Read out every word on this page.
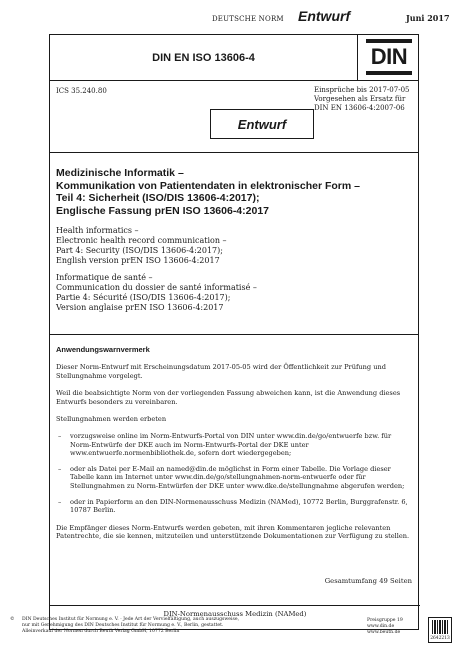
DEUTSCHE NORM Entwurf	Juni 2017
DIN EN ISO 13606-4	DIN
ICS 35.240.80	Einsprüche bis 2017-07-05
Vorgesehen als Ersatz für
DIN EN 13606-4:2007-06
Entwurf
Medizinische Informatik –
Kommunikation von Patientendaten in elektronischer Form –
Teil 4: Sicherheit (ISO/DIS 13606-4:2017);
Englische Fassung prEN ISO 13606-4:2017
Health informatics –
Electronic health record communication –
Part 4: Security (ISO/DIS 13606-4:2017);
English version prEN ISO 13606-4:2017
Informatique de santé –
Communication du dossier de santé informatisé –
Partie 4: Sécurité (ISO/DIS 13606-4:2017);
Version anglaise prEN ISO 13606-4:2017
Anwendungswarnvermerk
Dieser Norm-Entwurf mit Erscheinungsdatum 2017-05-05 wird der Öffentlichkeit zur Prüfung und Stellungnahme vorgelegt.
Weil die beabsichtigte Norm von der vorliegenden Fassung abweichen kann, ist die Anwendung dieses Entwurfs besonders zu vereinbaren.
Stellungnahmen werden erbeten
– vorzugsweise online im Norm-Entwurfs-Portal von DIN unter www.din.de/go/entwuerfe bzw. für Norm-Entwürfe der DKE auch im Norm-Entwurfs-Portal der DKE unter www.entwuerfe.normenbibliothek.de, sofern dort wiedergegeben;
– oder als Datei per E-Mail an named@din.de möglichst in Form einer Tabelle. Die Vorlage dieser Tabelle kann im Internet unter www.din.de/go/stellungnahmen-norm-entwuerfe oder für Stellungnahmen zu Norm-Entwürfen der DKE unter www.dke.de/stellungnahme abgerufen werden;
– oder in Papierform an den DIN-Normenausschuss Medizin (NAMed), 10772 Berlin, Burggrafenstr. 6, 10787 Berlin.
Die Empfänger dieses Norm-Entwurfs werden gebeten, mit ihren Kommentaren jegliche relevanten Patentrechte, die sie kennen, mitzuteilen und unterstützende Dokumentationen zur Verfügung zu stellen.
Gesamtumfang 49 Seiten
DIN-Normenausschuss Medizin (NAMed)
©	DIN Deutsches Institut für Normung e. V. · Jede Art der Vervielfältigung, auch auszugsweise,
nur mit Genehmigung des DIN Deutsches Institut für Normung e. V., Berlin, gestattet.
Alleinverkauf der Normen durch Beuth Verlag GmbH, 10772 Berlin
Preisgruppe 19
www.din.de
www.beuth.de
2642213
